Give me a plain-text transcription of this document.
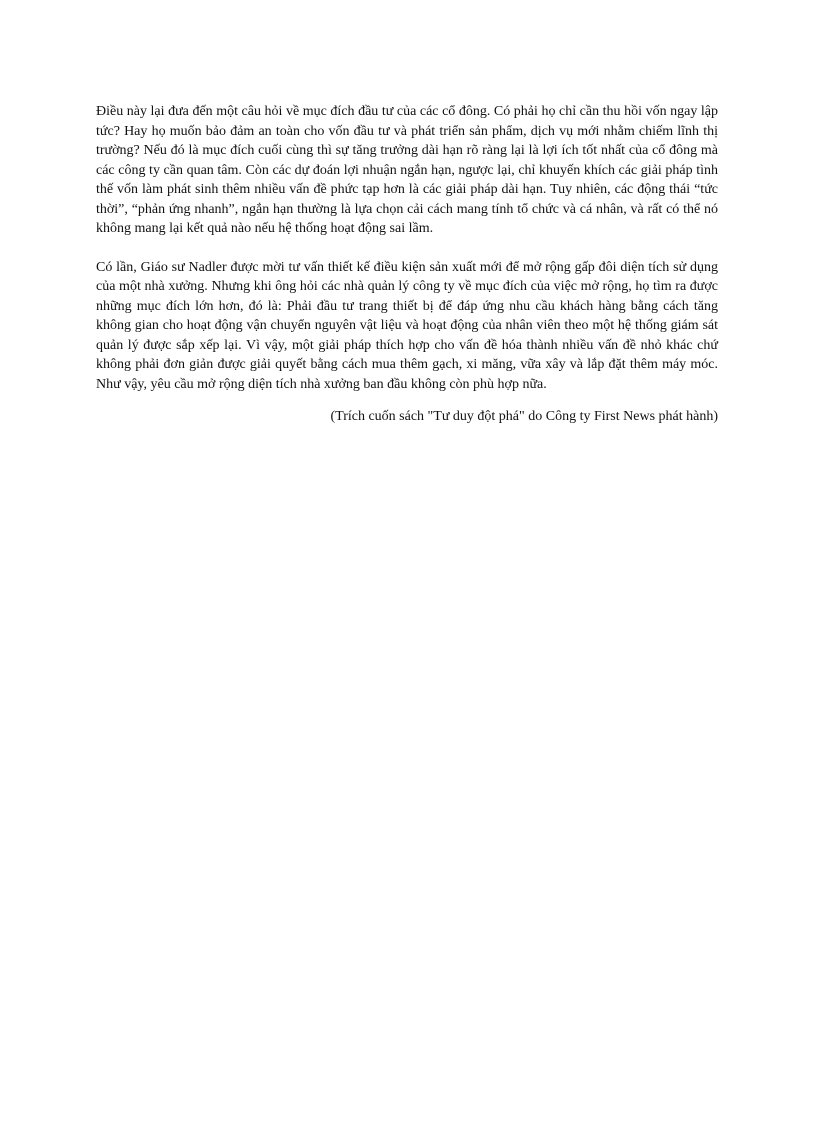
Điều này lại đưa đến một câu hỏi về mục đích đầu tư của các cổ đông. Có phải họ chỉ cần thu hồi vốn ngay lập tức? Hay họ muốn bảo đảm an toàn cho vốn đầu tư và phát triển sản phẩm, dịch vụ mới nhằm chiếm lĩnh thị trường? Nếu đó là mục đích cuối cùng thì sự tăng trưởng dài hạn rõ ràng lại là lợi ích tốt nhất của cổ đông mà các công ty cần quan tâm. Còn các dự đoán lợi nhuận ngắn hạn, ngược lại, chỉ khuyến khích các giải pháp tình thế vốn làm phát sinh thêm nhiều vấn đề phức tạp hơn là các giải pháp dài hạn. Tuy nhiên, các động thái “tức thời”, “phản ứng nhanh”, ngắn hạn thường là lựa chọn cải cách mang tính tổ chức và cá nhân, và rất có thể nó không mang lại kết quả nào nếu hệ thống hoạt động sai lầm.

Có lần, Giáo sư Nadler được mời tư vấn thiết kế điều kiện sản xuất mới để mở rộng gấp đôi diện tích sử dụng của một nhà xưởng. Nhưng khi ông hỏi các nhà quản lý công ty về mục đích của việc mở rộng, họ tìm ra được những mục đích lớn hơn, đó là: Phải đầu tư trang thiết bị để đáp ứng nhu cầu khách hàng bằng cách tăng không gian cho hoạt động vận chuyển nguyên vật liệu và hoạt động của nhân viên theo một hệ thống giám sát quản lý được sắp xếp lại. Vì vậy, một giải pháp thích hợp cho vấn đề hóa thành nhiều vấn đề nhỏ khác chứ không phải đơn giản được giải quyết bằng cách mua thêm gạch, xi măng, vữa xây và lắp đặt thêm máy móc. Như vậy, yêu cầu mở rộng diện tích nhà xưởng ban đầu không còn phù hợp nữa.

(Trích cuốn sách "Tư duy đột phá" do Công ty First News phát hành)
